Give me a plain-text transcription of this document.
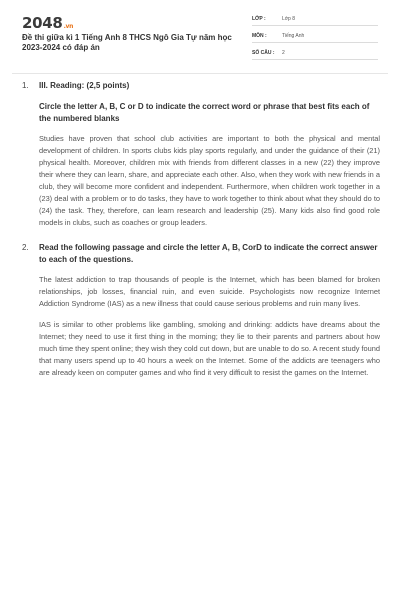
2048.vn
Đề thi giữa kì 1 Tiếng Anh 8 THCS Ngô Gia Tự năm học 2023-2024 có đáp án
LỚP :	Lớp 8
MÔN :	Tiếng Anh
SỐ CÂU :	2
1.	III. Reading: (2,5 points)
Circle the letter A, B, C or D to indicate the correct word or phrase that best fits each of the numbered blanks
Studies have proven that school club activities are important to both the physical and mental development of children. In sports clubs kids play sports regularly, and under the guidance of their (21) physical health. Moreover, children mix with friends from different classes in a new (22) they improve their where they can learn, share, and appreciate each other. Also, when they work with new friends in a club, they will become more confident and independent. Furthermore, when children work together in a (23) deal with a problem or to do tasks, they have to work together to think about what they should do to (24) the task. They, therefore, can learn research and leadership (25). Many kids also find good role models in clubs, such as coaches or group leaders.
2.	Read the following passage and circle the letter A, B, CorD to indicate the correct answer to each of the questions.
The latest addiction to trap thousands of people is the Internet, which has been blamed for broken relationships, job losses, financial ruin, and even suicide. Psychologists now recognize Internet Addiction Syndrome (IAS) as a new illness that could cause serious problems and ruin many lives.
IAS is similar to other problems like gambling, smoking and drinking: addicts have dreams about the Internet; they need to use it first thing in the morning; they lie to their parents and partners about how much time they spent online; they wish they cold cut down, but are unable to do so. A recent study found that many users spend up to 40 hours a week on the Internet. Some of the addicts are teenagers who are already keen on computer games and who find it very difficult to resist the games on the Internet.
